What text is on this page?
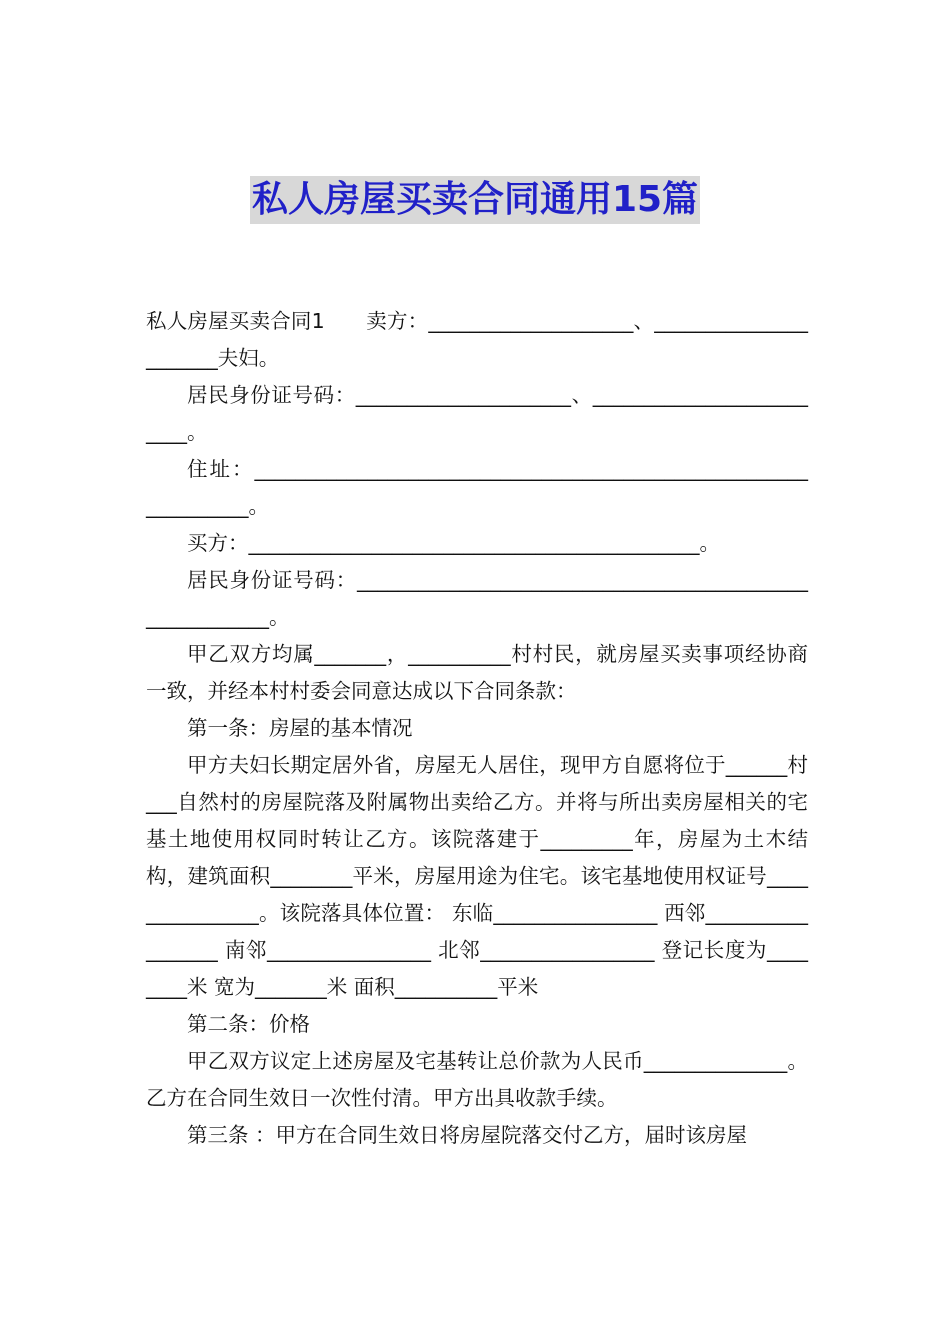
私人房屋买卖合同通用15篇

私人房屋买卖合同1　　卖方：____________________、______________________夫妇。

居民身份证号码：_____________________、_________________________。

住址：________________________________________________________________。

买方：____________________________________________。

居民身份证号码：________________________________________________________。

甲乙双方均属_______，__________村村民，就房屋买卖事项经协商一致，并经本村村委会同意达成以下合同条款：

第一条：房屋的基本情况

甲方夫妇长期定居外省，房屋无人居住，现甲方自愿将位于______村___自然村的房屋院落及附属物出卖给乙方。并将与所出卖房屋相关的宅基土地使用权同时转让乙方。该院落建于_________年，房屋为土木结构，建筑面积________平米，房屋用途为住宅。该宅基地使用权证号_______________。该院落具体位置： 东临________________ 西邻_________________ 南邻________________ 北邻_________________ 登记长度为________米 宽为_______米 面积__________平米

第二条：价格

甲乙双方议定上述房屋及宅基转让总价款为人民币______________。乙方在合同生效日一次性付清。甲方出具收款手续。

第三条 ：甲方在合同生效日将房屋院落交付乙方，届时该房屋
